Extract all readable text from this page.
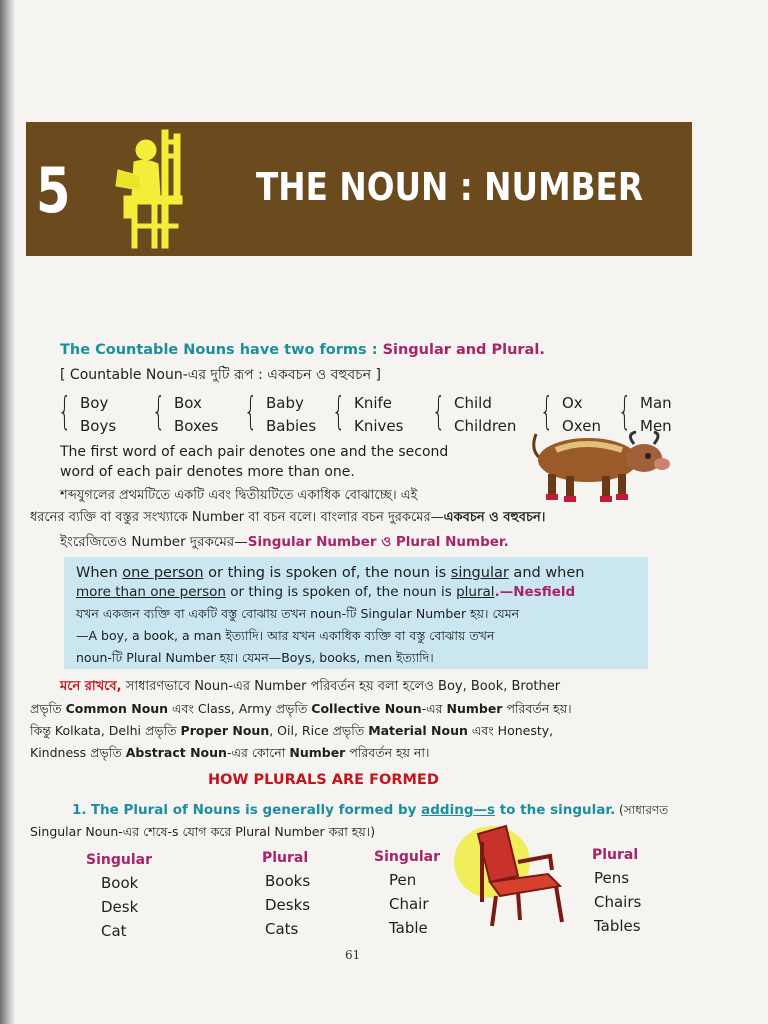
5	THE NOUN : NUMBER
The Countable Nouns have two forms : Singular and Plural.
[ Countable Noun-এর দুটি রূপ : একবচন ও বহুবচন ]
{ Boy
Boys { Box
Boxes { Baby
Babies { Knife
Knives { Child
Children { Ox
Oxen { Man
Men
The first word of each pair denotes one and the second
word of each pair denotes more than one.
শব্দযুগলের প্রথমটিতে একটি এবং দ্বিতীয়টিতে একাধিক বোঝাচ্ছে। এই
ধরনের ব্যক্তি বা বস্তুর সংখ্যাকে Number বা বচন বলে। বাংলার বচন দুরকমের—একবচন ও বহুবচন।
ইংরেজিতেও Number দুরকমের—Singular Number ও Plural Number.
When one person or thing is spoken of, the noun is singular and when
more than one person or thing is spoken of, the noun is plural.—Nesfield
যখন একজন ব্যক্তি বা একটি বস্তু বোঝায় তখন noun-টি Singular Number হয়। যেমন
—A boy, a book, a man ইত্যাদি। আর যখন একাধিক ব্যক্তি বা বস্তু বোঝায় তখন
noun-টি Plural Number হয়। যেমন—Boys, books, men ইত্যাদি।
মনে রাখবে, সাধারণভাবে Noun-এর Number পরিবর্তন হয় বলা হলেও Boy, Book, Brother
প্রভৃতি Common Noun এবং Class, Army প্রভৃতি Collective Noun-এর Number পরিবর্তন হয়।
কিন্তু Kolkata, Delhi প্রভৃতি Proper Noun, Oil, Rice প্রভৃতি Material Noun এবং Honesty,
Kindness প্রভৃতি Abstract Noun-এর কোনো Number পরিবর্তন হয় না।
HOW PLURALS ARE FORMED
1. The Plural of Nouns is generally formed by adding—s to the singular. (সাধারণত
Singular Noun-এর শেষে-s যোগ করে Plural Number করা হয়।)
Singular
Book
Desk
Cat
Plural
Books
Desks
Cats
Singular
Pen
Chair
Table
Plural
Pens
Chairs
Tables
61
